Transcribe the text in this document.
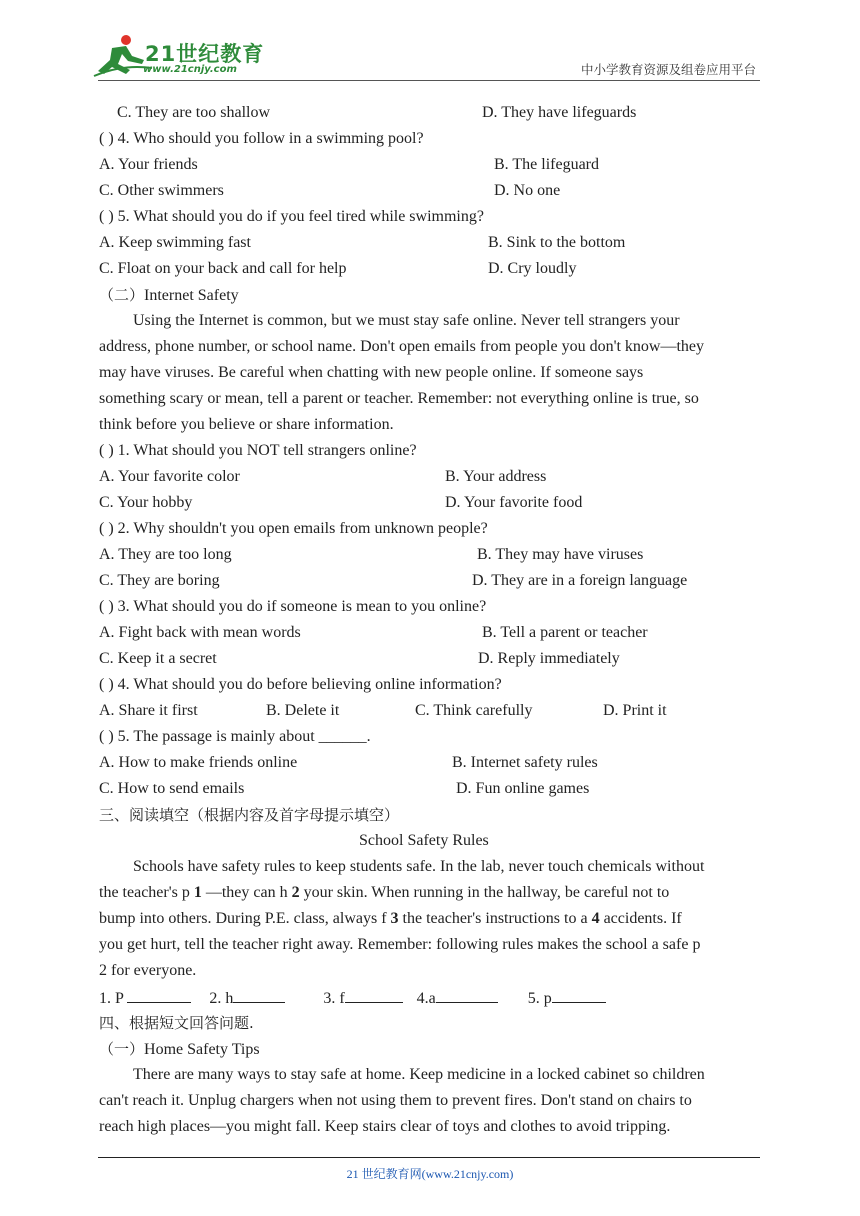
21世纪教育
www.21cnjy.com	中小学教育资源及组卷应用平台
C. They are too shallow	D. They have lifeguards
( ) 4. Who should you follow in a swimming pool?
A. Your friends	B. The lifeguard
C. Other swimmers	D. No one
( ) 5. What should you do if you feel tired while swimming?
A. Keep swimming fast	B. Sink to the bottom
C. Float on your back and call for help	D. Cry loudly
（二）Internet Safety
Using the Internet is common, but we must stay safe online. Never tell strangers your
address, phone number, or school name. Don't open emails from people you don't know—they
may have viruses. Be careful when chatting with new people online. If someone says
something scary or mean, tell a parent or teacher. Remember: not everything online is true, so
think before you believe or share information.
( ) 1. What should you NOT tell strangers online?
A. Your favorite color	B. Your address
C. Your hobby	D. Your favorite food
( ) 2. Why shouldn't you open emails from unknown people?
A. They are too long	B. They may have viruses
C. They are boring	D. They are in a foreign language
( ) 3. What should you do if someone is mean to you online?
A. Fight back with mean words	B. Tell a parent or teacher
C. Keep it a secret	D. Reply immediately
( ) 4. What should you do before believing online information?
A. Share it first	B. Delete it	C. Think carefully	D. Print it
( ) 5. The passage is mainly about ______.
A. How to make friends online	B. Internet safety rules
C. How to send emails	D. Fun online games
三、阅读填空（根据内容及首字母提示填空）
School Safety Rules
Schools have safety rules to keep students safe. In the lab, never touch chemicals without
the teacher's p 1 —they can h 2 your skin. When running in the hallway, be careful not to
bump into others. During P.E. class, always f 3 the teacher's instructions to a 4 accidents. If
you get hurt, tell the teacher right away. Remember: following rules makes the school a safe p
2 for everyone.
1. P	2. h	3. f	4.a	5. p
四、根据短文回答问题.
（一）Home Safety Tips
There are many ways to stay safe at home. Keep medicine in a locked cabinet so children
can't reach it. Unplug chargers when not using them to prevent fires. Don't stand on chairs to
reach high places—you might fall. Keep stairs clear of toys and clothes to avoid tripping.
21 世纪教育网(www.21cnjy.com)
